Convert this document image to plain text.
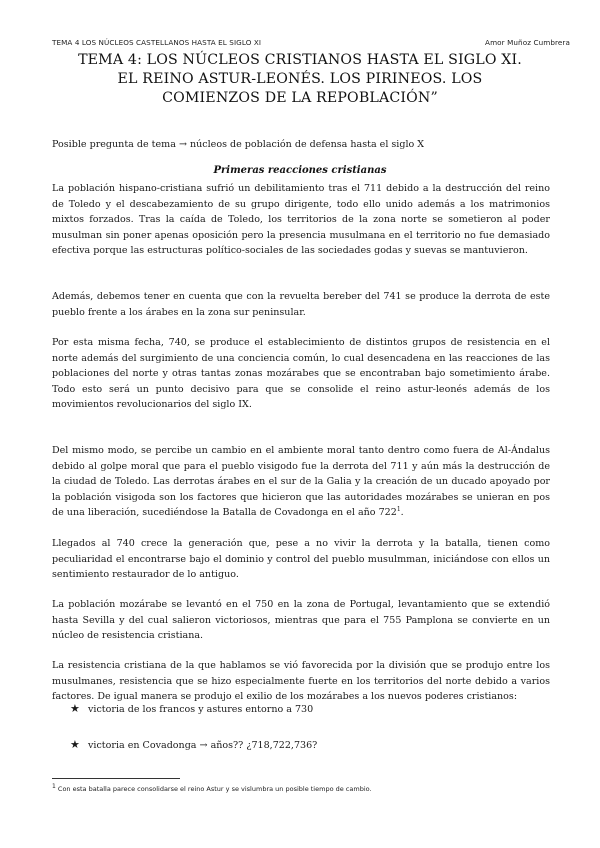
TEMA 4 LOS NÚCLEOS CASTELLANOS HASTA EL SIGLO XI	Amor Muñoz Cumbrera
TEMA 4: LOS NÚCLEOS CRISTIANOS HASTA EL SIGLO XI.
EL REINO ASTUR-LEONÉS. LOS PIRINEOS. LOS
COMIENZOS DE LA REPOBLACIÓN”

Posible pregunta de tema → núcleos de población de defensa hasta el siglo X

Primeras reacciones cristianas

La población hispano-cristiana sufrió un debilitamiento tras el 711 debido a la destrucción del reino de Toledo y el descabezamiento de su grupo dirigente, todo ello unido además a los matrimonios mixtos forzados. Tras la caída de Toledo, los territorios de la zona norte se sometieron al poder musulman sin poner apenas oposición pero la presencia musulmana en el territorio no fue demasiado efectiva porque las estructuras político-sociales de las sociedades godas y suevas se mantuvieron.

Además, debemos tener en cuenta que con la revuelta bereber del 741 se produce la derrota de este pueblo frente a los árabes en la zona sur peninsular.

Por esta misma fecha, 740, se produce el establecimiento de distintos grupos de resistencia en el norte además del surgimiento de una conciencia común, lo cual desencadena en las reacciones de las poblaciones del norte y otras tantas zonas mozárabes que se encontraban bajo sometimiento árabe. Todo esto será un punto decisivo para que se consolide el reino astur-leonés además de los movimientos revolucionarios del siglo IX.

Del mismo modo, se percibe un cambio en el ambiente moral tanto dentro como fuera de Al-Ándalus debido al golpe moral que para el pueblo visigodo fue la derrota del 711 y aún más la destrucción de la ciudad de Toledo. Las derrotas árabes en el sur de la Galia y la creación de un ducado apoyado por la población visigoda son los factores que hicieron que las autoridades mozárabes se unieran en pos de una liberación, sucediéndose la Batalla de Covadonga en el año $722^1$.

Llegados al 740 crece la generación que, pese a no vivir la derrota y la batalla, tienen como peculiaridad el encontrarse bajo el dominio y control del pueblo musulmman, iniciándose con ellos un sentimiento restaurador de lo antiguo.

La población mozárabe se levantó en el 750 en la zona de Portugal, levantamiento que se extendió hasta Sevilla y del cual salieron victoriosos, mientras que para el 755 Pamplona se convierte en un núcleo de resistencia cristiana.

La resistencia cristiana de la que hablamos se vió favorecida por la división que se produjo entre los musulmanes, resistencia que se hizo especialmente fuerte en los territorios del norte debido a varios factores. De igual manera se produjo el exilio de los mozárabes a los nuevos poderes cristianos:

★ victoria de los francos y astures entorno a 730
★ victoria en Covadonga → años?? ¿718,722,736?
$^1$ Con esta batalla parece consolidarse el reino Astur y se vislumbra un posible tiempo de cambio.
